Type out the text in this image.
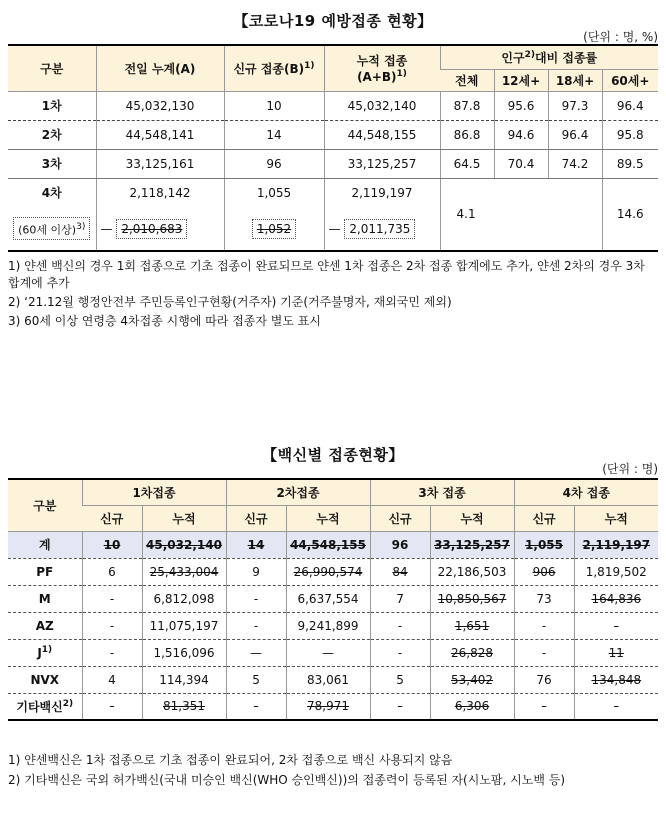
【코로나19 예방접종 현황】
(단위 : 명, %)
구분	전일 누계(A)	신규 접종$(B)^{1)}$	누적 접종
$(A+B)^{1)}$	인구$^{2)}$대비 접종률			
				전체	12세+	18세+	60세+
1차	45,032,130	10	45,032,140	87.8	95.6	97.3	96.4
2차	44,548,141	14	44,548,155	86.8	94.6	96.4	95.8
3차	33,125,161	96	33,125,257	64.5	70.4	74.2	89.5
4차	2,118,142	1,055	2,119,197	4.1			14.6
(60세 이상)$^{3)}$	— 2,010,683	1,052	— 2,011,735				
1) 얀센 백신의 경우 1회 접종으로 기초 접종이 완료되므로 얀센 1차 접종은 2차 접종 합계에도 추가, 얀센 2차의 경우 3차 합계에 추가
2) ‘21.12월 행정안전부 주민등록인구현황(거주자) 기준(거주불명자, 재외국민 제외)
3) 60세 이상 연령층 4차접종 시행에 따라 접종자 별도 표시
【백신별 접종현황】
(단위 : 명)
구분	1차접종		2차접종		3차 접종		4차 접종	
	신규	누적	신규	누적	신규	누적	신규	누적
계	10	45,032,140	14	44,548,155	96	33,125,257	1,055	2,119,197
PF	6	25,433,004	9	26,990,574	84	22,186,503	906	1,819,502
M	-	6,812,098	-	6,637,554	7	10,850,567	73	164,836
AZ	-	11,075,197	-	9,241,899	-	1,651	-	-
$J^{1)}$	-	1,516,096	—	—	-	26,828	-	11
NVX	4	114,394	5	83,061	5	53,402	76	134,848
기타백신$^{2)}$	-	81,351	-	78,971	-	6,306	-	-
1) 얀센백신은 1차 접종으로 기초 접종이 완료되어, 2차 접종으로 백신 사용되지 않음
2) 기타백신은 국외 허가백신(국내 미승인 백신(WHO 승인백신))의 접종력이 등록된 자(시노팜, 시노백 등)
